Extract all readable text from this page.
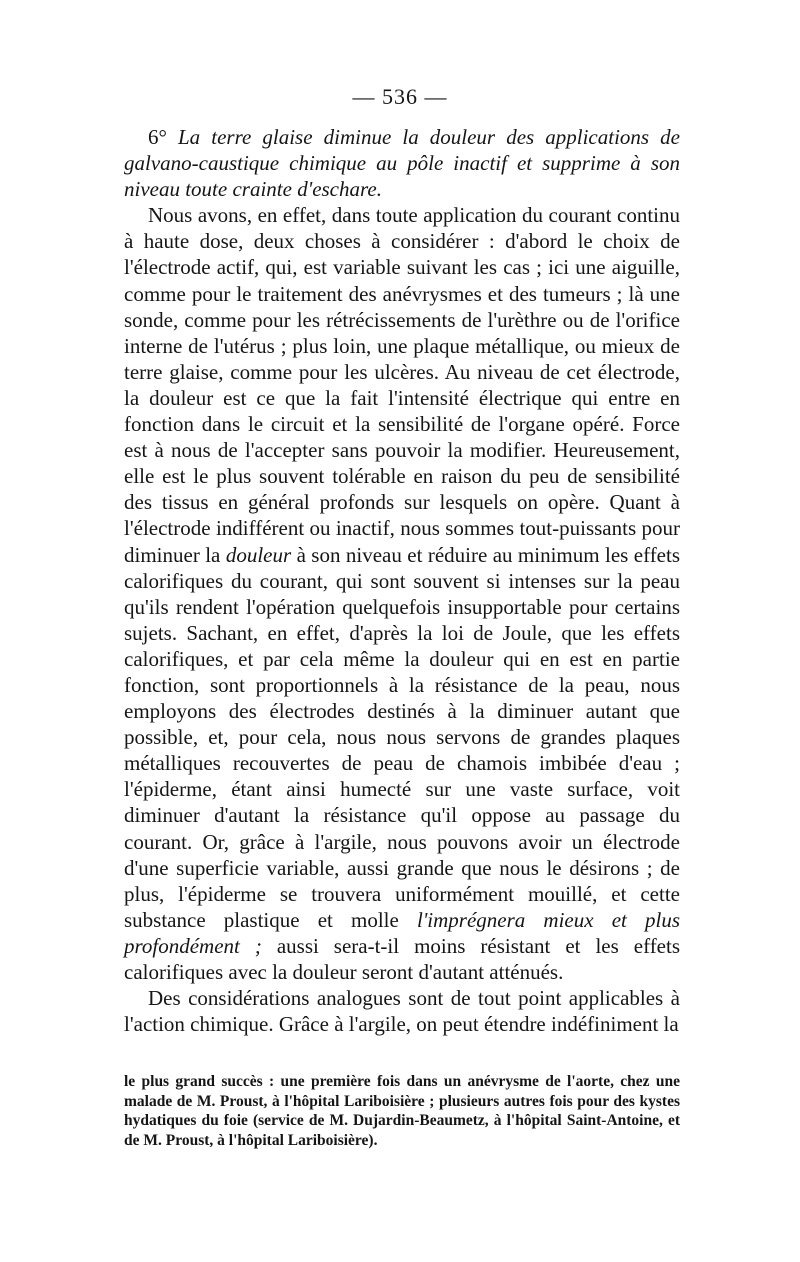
— 536 —

6° La terre glaise diminue la douleur des applications de galvano-caustique chimique au pôle inactif et supprime à son niveau toute crainte d'eschare.

Nous avons, en effet, dans toute application du courant continu à haute dose, deux choses à considérer : d'abord le choix de l'électrode actif, qui, est variable suivant les cas ; ici une aiguille, comme pour le traitement des anévrysmes et des tumeurs ; là une sonde, comme pour les rétrécissements de l'urèthre ou de l'orifice interne de l'utérus ; plus loin, une plaque métallique, ou mieux de terre glaise, comme pour les ulcères. Au niveau de cet électrode, la douleur est ce que la fait l'intensité électrique qui entre en fonction dans le circuit et la sensibilité de l'organe opéré. Force est à nous de l'accepter sans pouvoir la modifier. Heureusement, elle est le plus souvent tolérable en raison du peu de sensibilité des tissus en général profonds sur lesquels on opère. Quant à l'électrode indifférent ou inactif, nous sommes tout-puissants pour diminuer la douleur à son niveau et réduire au minimum les effets calorifiques du courant, qui sont souvent si intenses sur la peau qu'ils rendent l'opération quelquefois insupportable pour certains sujets. Sachant, en effet, d'après la loi de Joule, que les effets calorifiques, et par cela même la douleur qui en est en partie fonction, sont proportionnels à la résistance de la peau, nous employons des électrodes destinés à la diminuer autant que possible, et, pour cela, nous nous servons de grandes plaques métalliques recouvertes de peau de chamois imbibée d'eau ; l'épiderme, étant ainsi humecté sur une vaste surface, voit diminuer d'autant la résistance qu'il oppose au passage du courant. Or, grâce à l'argile, nous pouvons avoir un électrode d'une superficie variable, aussi grande que nous le désirons ; de plus, l'épiderme se trouvera uniformément mouillé, et cette substance plastique et molle l'imprégnera mieux et plus profondément ; aussi sera-t-il moins résistant et les effets calorifiques avec la douleur seront d'autant atténués.

Des considérations analogues sont de tout point applicables à l'action chimique. Grâce à l'argile, on peut étendre indéfiniment la

le plus grand succès : une première fois dans un anévrysme de l'aorte, chez une malade de M. Proust, à l'hôpital Lariboisière ; plusieurs autres fois pour des kystes hydatiques du foie (service de M. Dujardin-Beaumetz, à l'hôpital Saint-Antoine, et de M. Proust, à l'hôpital Lariboisière).
